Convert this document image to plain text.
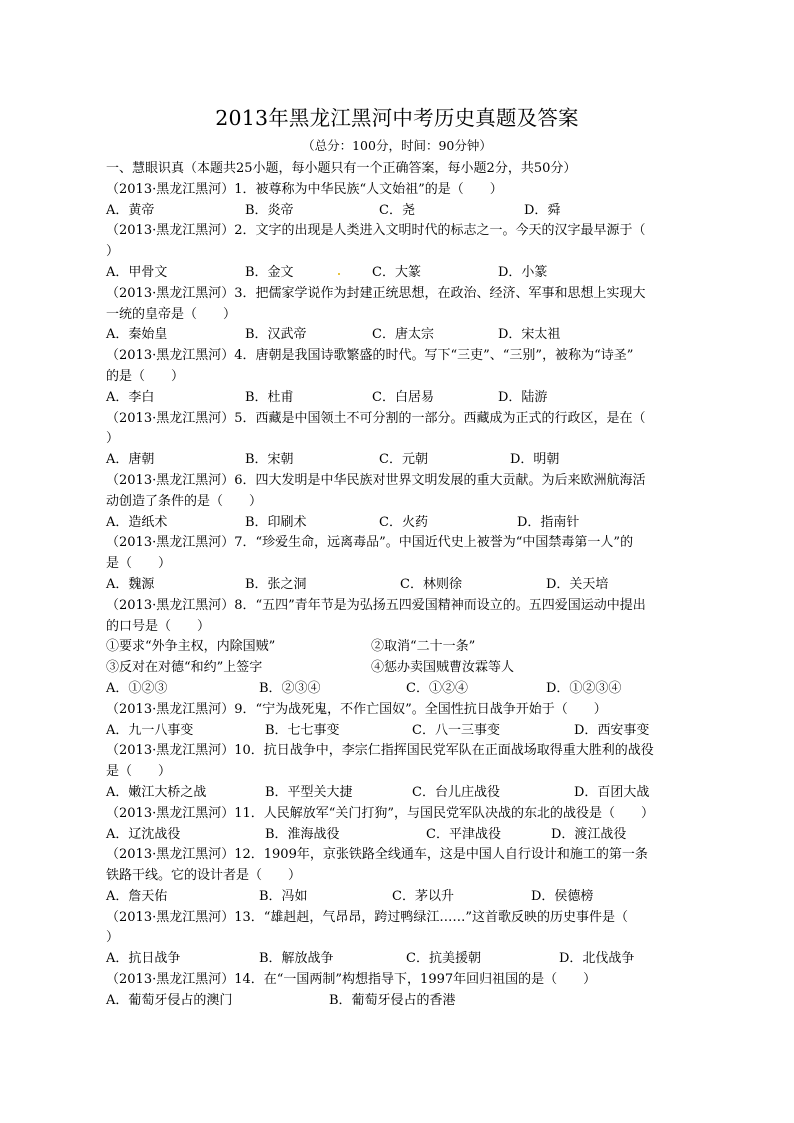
2013年黑龙江黑河中考历史真题及答案
（总分：100分，时间：90分钟）
一、慧眼识真（本题共25小题，每小题只有一个正确答案，每小题2分，共50分）
（2013·黑龙江黑河）1．被尊称为中华民族“人文始祖”的是（　　）
A．黄帝	B．炎帝	C．尧	D．舜
（2013·黑龙江黑河）2．文字的出现是人类进入文明时代的标志之一。今天的汉字最早源于（
）
A．甲骨文	B．金文	C．大篆	D．小篆
（2013·黑龙江黑河）3．把儒家学说作为封建正统思想，在政治、经济、军事和思想上实现大
一统的皇帝是（　　）
A．秦始皇	B．汉武帝	C．唐太宗	D．宋太祖
（2013·黑龙江黑河）4．唐朝是我国诗歌繁盛的时代。写下“三吏”、“三别”，被称为“诗圣”
的是（　　）
A．李白	B．杜甫	C．白居易	D．陆游
（2013·黑龙江黑河）5．西藏是中国领土不可分割的一部分。西藏成为正式的行政区，是在（
）
A．唐朝	B．宋朝	C．元朝	D．明朝
（2013·黑龙江黑河）6．四大发明是中华民族对世界文明发展的重大贡献。为后来欧洲航海活
动创造了条件的是（　　）
A．造纸术	B．印刷术	C．火药	D．指南针
（2013·黑龙江黑河）7．“珍爱生命，远离毒品”。中国近代史上被誉为“中国禁毒第一人”的
是（　　）
A．魏源	B．张之洞	C．林则徐	D．关天培
（2013·黑龙江黑河）8．“五四”青年节是为弘扬五四爱国精神而设立的。五四爱国运动中提出
的口号是（　　）
①要求“外争主权，内除国贼”	②取消“二十一条”
③反对在对德“和约”上签字	④惩办卖国贼曹汝霖等人
A．①②③	B．②③④	C．①②④	D．①②③④
（2013·黑龙江黑河）9．“宁为战死鬼，不作亡国奴”。全国性抗日战争开始于（　　）
A．九一八事变	B．七七事变	C．八一三事变	D．西安事变
（2013·黑龙江黑河）10．抗日战争中，李宗仁指挥国民党军队在正面战场取得重大胜利的战役
是（　　）
A．嫩江大桥之战	B．平型关大捷	C．台儿庄战役	D．百团大战
（2013·黑龙江黑河）11．人民解放军“关门打狗”，与国民党军队决战的东北的战役是（　　）
A．辽沈战役	B．淮海战役	C．平津战役	D．渡江战役
（2013·黑龙江黑河）12．1909年，京张铁路全线通车，这是中国人自行设计和施工的第一条
铁路干线。它的设计者是（　　）
A．詹天佑	B．冯如	C．茅以升	D．侯德榜
（2013·黑龙江黑河）13．“雄赳赳，气昂昂，跨过鸭绿江……”这首歌反映的历史事件是（
）
A．抗日战争	B．解放战争	C．抗美援朝	D．北伐战争
（2013·黑龙江黑河）14．在“一国两制”构想指导下，1997年回归祖国的是（　　）
A．葡萄牙侵占的澳门	B．葡萄牙侵占的香港
